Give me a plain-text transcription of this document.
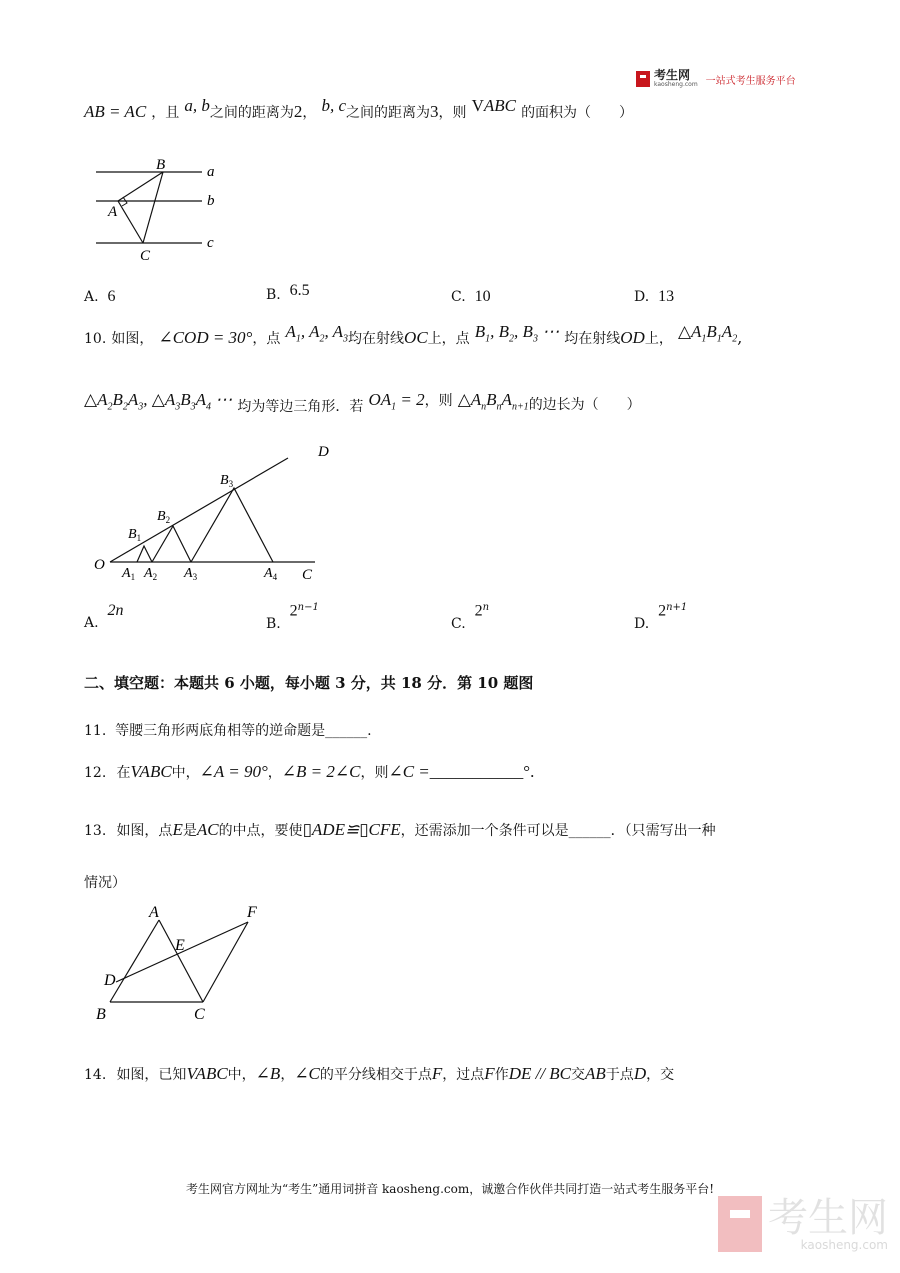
考生网
kaosheng.com 一站式考生服务平台
AB = AC ，且 a, b之间的距离为2， b, c之间的距离为3，则 VABC 的面积为（　　）
B
A
C
a
b
c
A. 6	B. 6.5	C. 10	D. 13
10. 如图， ∠COD = 30°，点 $A_1$, $A_2$, $A_3$均在射线OC上，点 $B_1$, $B_2$, $B_3$ ⋯ 均在射线OD上， $\triangle A_1B_1A_2$,
$\triangle A_2B_2A_3$, $\triangle A_3B_3A_4$ ⋯ 均为等边三角形．若 $OA_1 = 2$，则 $\triangle A_nB_nA_{n+1}$的边长为（　　）
D
O
C
$B_1$
$B_2$
$B_3$
$A_1$ $A_2$ $A_3$	$A_4$
A.  2n
B.  $2^{n-1}$
C.  2$^n$
D.  $2^{n+1}$
二、填空题：本题共 6 小题，每小题 3 分，共 18 分．第 10 题图
11. 等腰三角形两底角相等的逆命题是______.
12. 在VABC中，∠A = 90°，∠B = 2∠C，则∠C =___________°.
13. 如图，点E是AC的中点，要使▯ADE≌▯CFE，还需添加一个条件可以是______．（只需写出一种
情况）
A	F
E
D
B	C
14. 如图，已知VABC中，∠B，∠C的平分线相交于点F，过点F作DE // BC交AB于点D，交
考生网官方网址为“考生”通用词拼音 kaosheng.com，诚邀合作伙伴共同打造一站式考生服务平台!
考生网
kaosheng.com
